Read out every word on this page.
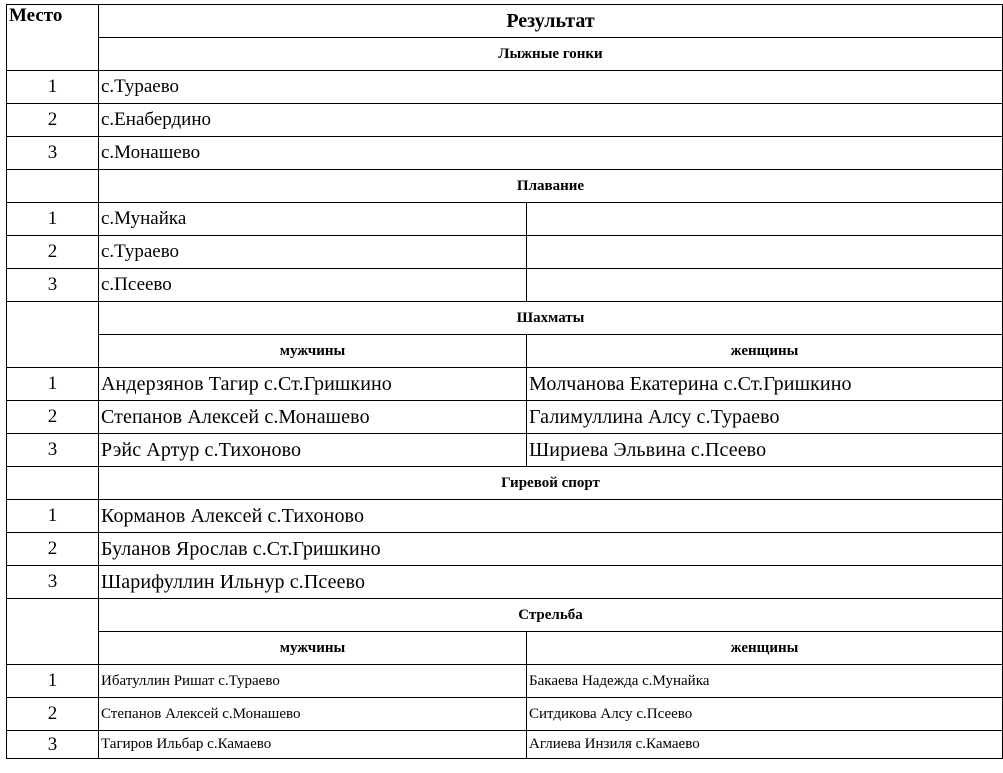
Место	Результат	
	Лыжные гонки	
1	с.Тураево	
2	с.Енабердино	
3	с.Монашево	
	Плавание	
1	с.Мунайка	
2	с.Тураево	
3	с.Псеево	
	Шахматы	
	мужчины	женщины
1	Андерзянов Тагир с.Ст.Гришкино	Молчанова Екатерина с.Ст.Гришкино
2	Степанов Алексей с.Монашево	Галимуллина Алсу с.Тураево
3	Рэйс Артур с.Тихоново	Шириева Эльвина с.Псеево
	Гиревой спорт	
1	Корманов Алексей с.Тихоново	
2	Буланов Ярослав с.Ст.Гришкино	
3	Шарифуллин Ильнур с.Псеево	
	Стрельба	
	мужчины	женщины
1	Ибатуллин Ришат с.Тураево	Бакаева Надежда с.Мунайка
2	Степанов Алексей с.Монашево	Ситдикова Алсу с.Псеево
3	Тагиров Ильбар с.Камаево	Аглиева Инзиля с.Камаево
